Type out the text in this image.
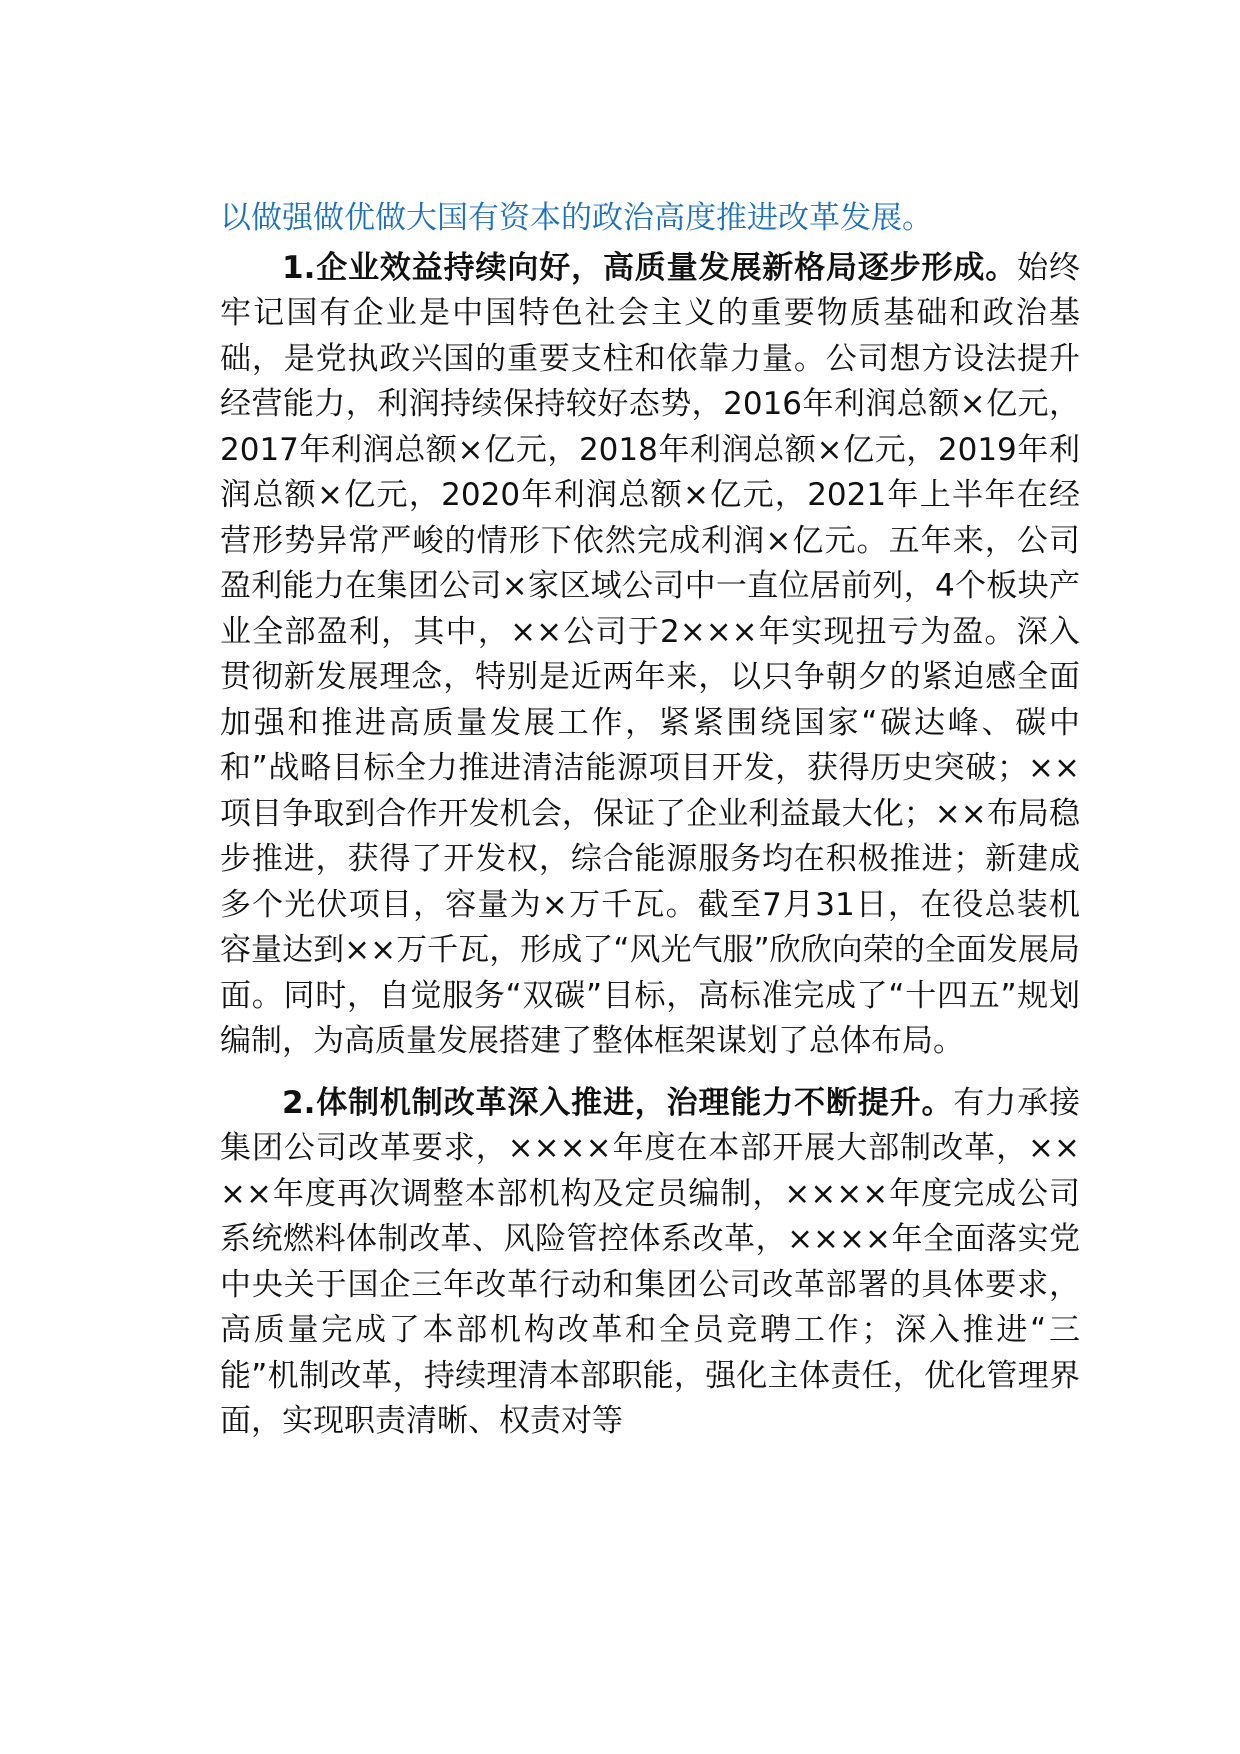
以做强做优做大国有资本的政治高度推进改革发展。

1.企业效益持续向好，高质量发展新格局逐步形成。始终牢记国有企业是中国特色社会主义的重要物质基础和政治基础，是党执政兴国的重要支柱和依靠力量。公司想方设法提升经营能力，利润持续保持较好态势，2016年利润总额×亿元，2017年利润总额×亿元，2018年利润总额×亿元，2019年利润总额×亿元，2020年利润总额×亿元，2021年上半年在经营形势异常严峻的情形下依然完成利润×亿元。五年来，公司盈利能力在集团公司×家区域公司中一直位居前列，4个板块产业全部盈利，其中，××公司于2×××年实现扭亏为盈。深入贯彻新发展理念，特别是近两年来，以只争朝夕的紧迫感全面加强和推进高质量发展工作，紧紧围绕国家“碳达峰、碳中和”战略目标全力推进清洁能源项目开发，获得历史突破；××项目争取到合作开发机会，保证了企业利益最大化；××布局稳步推进，获得了开发权，综合能源服务均在积极推进；新建成多个光伏项目，容量为×万千瓦。截至7月31日，在役总装机容量达到××万千瓦，形成了“风光气服”欣欣向荣的全面发展局面。同时，自觉服务“双碳”目标，高标准完成了“十四五”规划编制，为高质量发展搭建了整体框架谋划了总体布局。

2.体制机制改革深入推进，治理能力不断提升。有力承接集团公司改革要求，××××年度在本部开展大部制改革，××××年度再次调整本部机构及定员编制，××××年度完成公司系统燃料体制改革、风险管控体系改革，××××年全面落实党中央关于国企三年改革行动和集团公司改革部署的具体要求，高质量完成了本部机构改革和全员竞聘工作；深入推进“三能”机制改革，持续理清本部职能，强化主体责任，优化管理界面，实现职责清晰、权责对等
